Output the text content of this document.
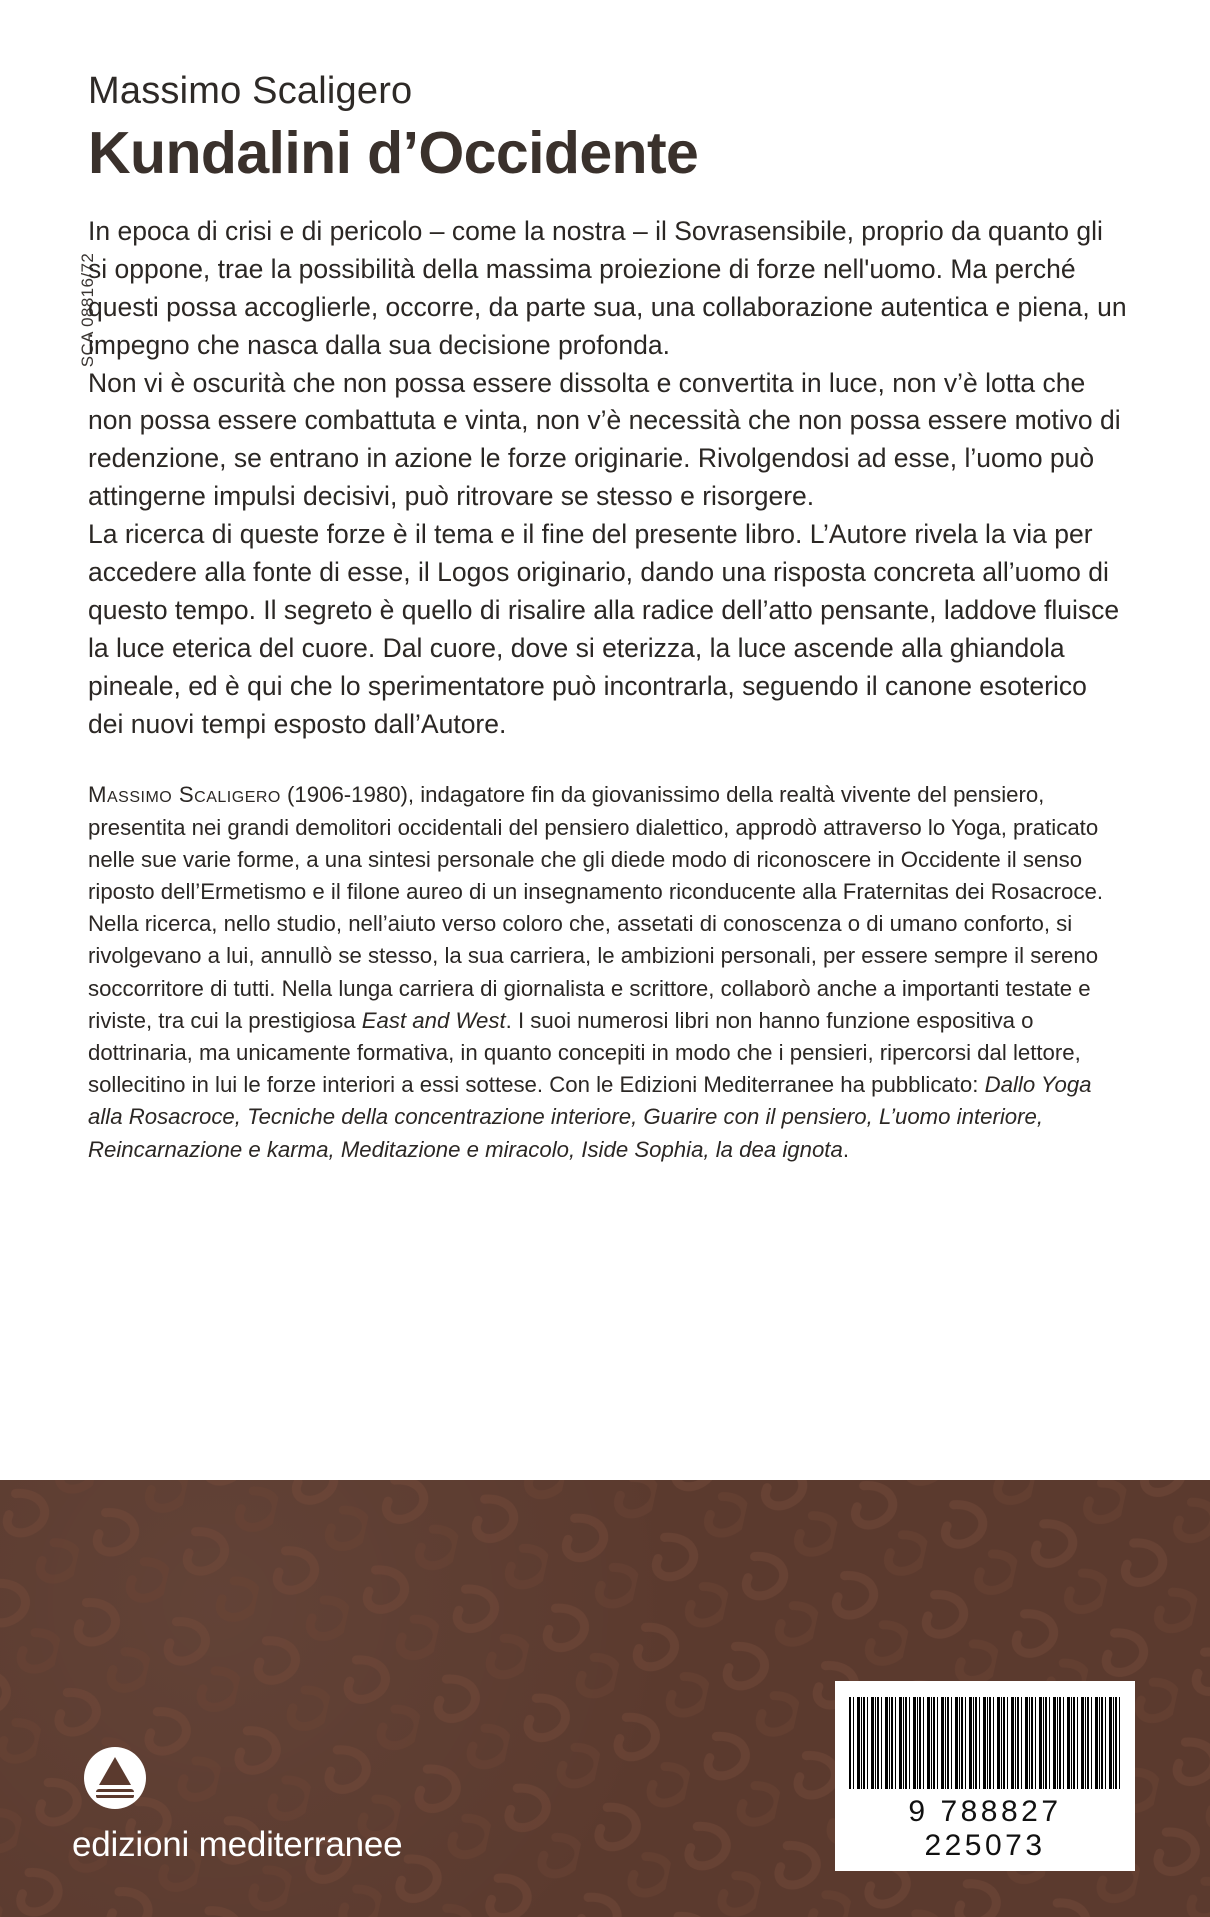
SCA 08816/72
Massimo Scaligero
Kundalini d’Occidente

In epoca di crisi e di pericolo – come la nostra – il Sovrasensibile, proprio da quanto gli si oppone, trae la possibilità della massima proiezione di forze nell'uomo. Ma perché questi possa accoglierle, occorre, da parte sua, una collaborazione autentica e piena, un impegno che nasca dalla sua decisione profonda.

Non vi è oscurità che non possa essere dissolta e convertita in luce, non v’è lotta che non possa essere combattuta e vinta, non v’è necessità che non possa essere motivo di redenzione, se entrano in azione le forze originarie. Rivolgendosi ad esse, l’uomo può attingerne impulsi decisivi, può ritrovare se stesso e risorgere.

La ricerca di queste forze è il tema e il fine del presente libro. L’Autore rivela la via per accedere alla fonte di esse, il Logos originario, dando una risposta concreta all’uomo di questo tempo. Il segreto è quello di risalire alla radice dell’atto pensante, laddove fluisce la luce eterica del cuore. Dal cuore, dove si eterizza, la luce ascende alla ghiandola pineale, ed è qui che lo sperimentatore può incontrarla, seguendo il canone esoterico dei nuovi tempi esposto dall’Autore.

Massimo Scaligero (1906-1980), indagatore fin da giovanissimo della realtà vivente del pensiero, presentita nei grandi demolitori occidentali del pensiero dialettico, approdò attraverso lo Yoga, praticato nelle sue varie forme, a una sintesi personale che gli diede modo di riconoscere in Occidente il senso riposto dell’Ermetismo e il filone aureo di un insegnamento riconducente alla Fraternitas dei Rosacroce. Nella ricerca, nello studio, nell’aiuto verso coloro che, assetati di conoscenza o di umano conforto, si rivolgevano a lui, annullò se stesso, la sua carriera, le ambizioni personali, per essere sempre il sereno soccorritore di tutti. Nella lunga carriera di giornalista e scrittore, collaborò anche a importanti testate e riviste, tra cui la prestigiosa East and West. I suoi numerosi libri non hanno funzione espositiva o dottrinaria, ma unicamente formativa, in quanto concepiti in modo che i pensieri, ripercorsi dal lettore, sollecitino in lui le forze interiori a essi sottese. Con le Edizioni Mediterranee ha pubblicato: Dallo Yoga alla Rosacroce, Tecniche della concentrazione interiore, Guarire con il pensiero, L’uomo interiore, Reincarnazione e karma, Meditazione e miracolo, Iside Sophia, la dea ignota.

edizioni mediterranee
9 788827 225073
